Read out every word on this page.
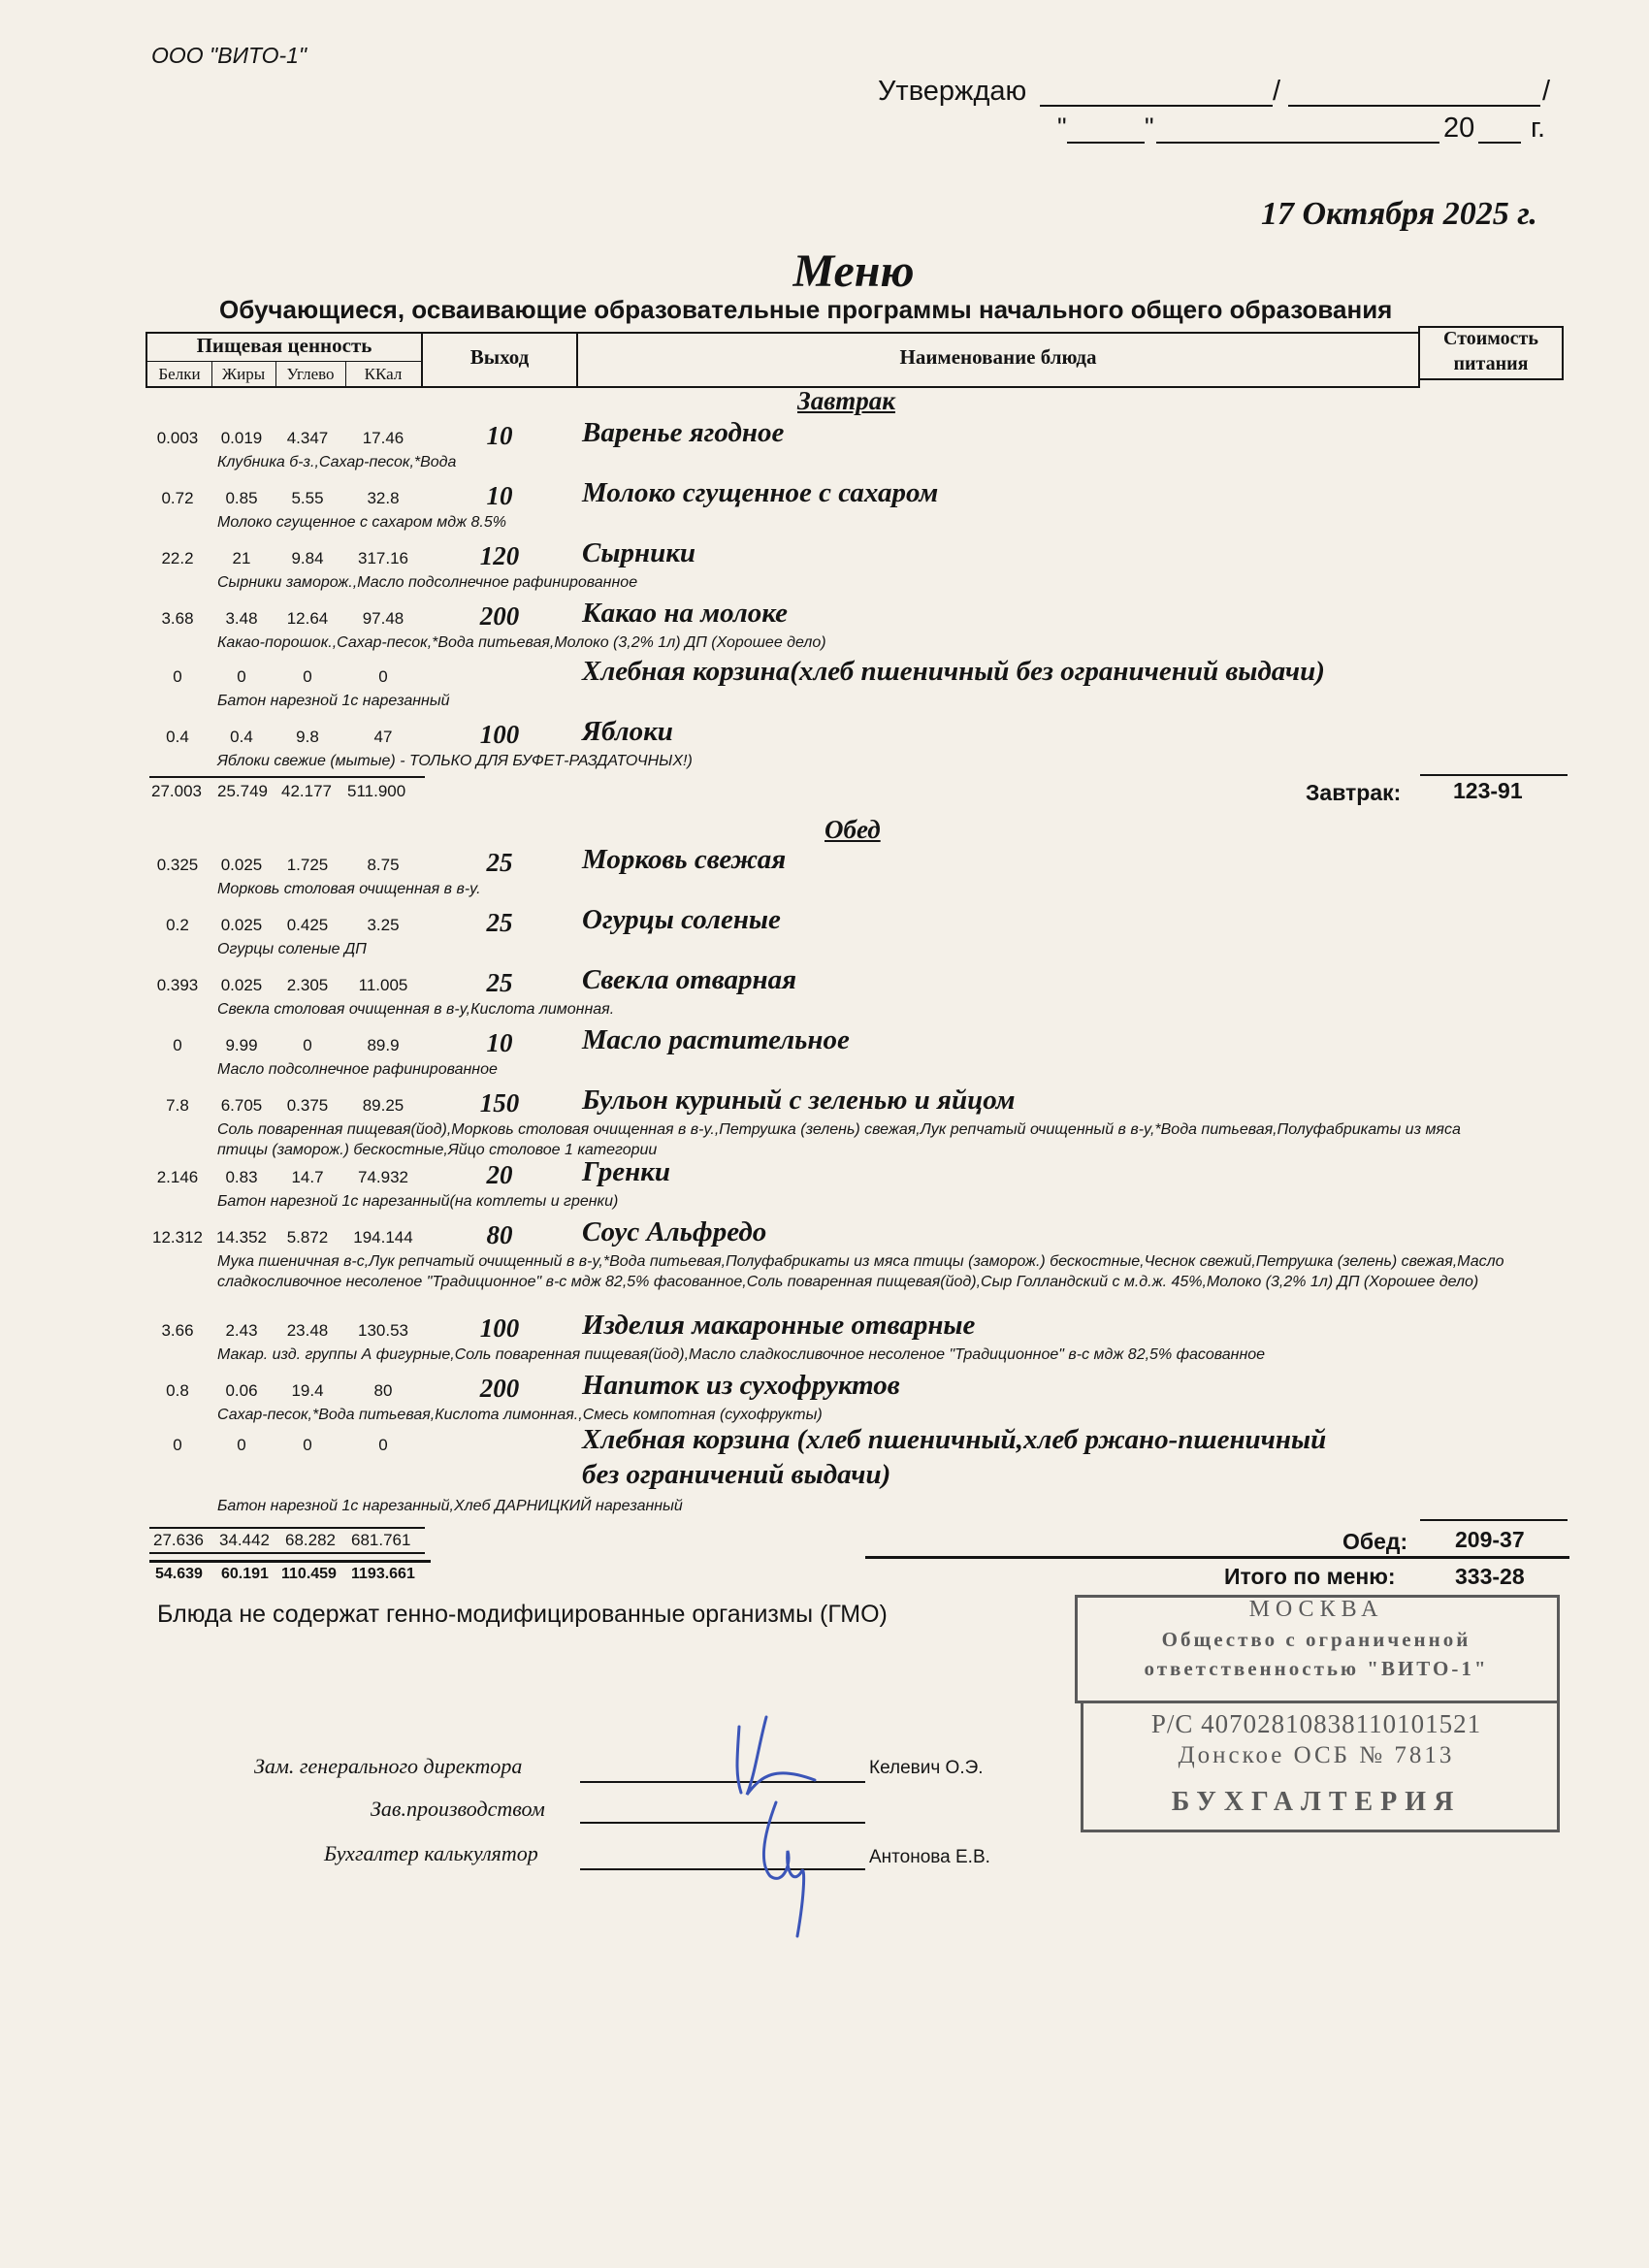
ООО "ВИТО-1"
Утверждаю	/	/
"	"	20 г.
17 Октября 2025 г.
Меню
Обучающиеся, осваивающие образовательные программы начального общего образования
Пищевая ценность
Белки	Жиры	Углево	ККал
Выход	Наименование блюда
Стоимость
питания
Завтрак
0.003	0.019	4.347	17.46	10	Варенье ягодное
Клубника б-з.,Сахар-песок,*Вода
0.72	0.85	5.55	32.8	10	Молоко сгущенное с сахаром
Молоко сгущенное с сахаром мдж 8.5%
22.2	21	9.84	317.16	120	Сырники
Сырники заморож.,Масло подсолнечное рафинированное
3.68	3.48	12.64	97.48	200	Какао на молоке
Какао-порошок.,Сахар-песок,*Вода питьевая,Молоко (3,2% 1л) ДП (Хорошее дело)
0	0	0	0	Хлебная корзина(хлеб пшеничный без ограничений выдачи)
Батон нарезной 1с нарезанный
0.4	0.4	9.8	47	100	Яблоки
Яблоки свежие (мытые) - ТОЛЬКО ДЛЯ БУФЕТ-РАЗДАТОЧНЫХ!)
27.003 25.749 42.177 511.900	Завтрак: 123-91
Обед
0.325	0.025	1.725	8.75	25	Морковь свежая
Морковь столовая очищенная в в-у.
0.2	0.025	0.425	3.25	25	Огурцы соленые
Огурцы соленые ДП
0.393	0.025	2.305	11.005	25	Свекла отварная
Свекла столовая очищенная в в-у,Кислота лимонная.
0	9.99	0	89.9	10	Масло растительное
Масло подсолнечное рафинированное
7.8	6.705	0.375	89.25	150	Бульон куриный с зеленью и яйцом
Соль поваренная пищевая(йод),Морковь столовая очищенная в в-у.,Петрушка (зелень) свежая,Лук репчатый очищенный в в-у,*Вода питьевая,Полуфабрикаты из мяса птицы (заморож.) бескостные,Яйцо столовое 1 категории
2.146	0.83	14.7	74.932	20	Гренки
Батон нарезной 1с нарезанный(на котлеты и гренки)
12.312 14.352	5.872	194.144	80	Соус Альфредо
Мука пшеничная в-с,Лук репчатый очищенный в в-у,*Вода питьевая,Полуфабрикаты из мяса птицы (заморож.) бескостные,Чеснок свежий,Петрушка (зелень) свежая,Масло сладкосливочное несоленое "Традиционное" в-с мдж 82,5% фасованное,Соль поваренная пищевая(йод),Сыр Голландский с м.д.ж. 45%,Молоко (3,2% 1л) ДП (Хорошее дело)
3.66	2.43	23.48	130.53	100	Изделия макаронные отварные
Макар. изд. группы А фигурные,Соль поваренная пищевая(йод),Масло сладкосливочное несоленое "Традиционное" в-с мдж 82,5% фасованное
0.8	0.06	19.4	80	200	Напиток из сухофруктов
Сахар-песок,*Вода питьевая,Кислота лимонная.,Смесь компотная (сухофрукты)
0	0	0	0	Хлебная корзина (хлеб пшеничный,хлеб ржано-пшеничный
без ограничений выдачи)
Батон нарезной 1с нарезанный,Хлеб ДАРНИЦКИЙ нарезанный
27.636 34.442 68.282 681.761	Обед: 209-37
54.639 60.191 110.459 1193.661	Итого по меню:	333-28
Блюда не содержат генно-модифицированные организмы (ГМО)
Зам. генерального директора	Келевич О.Э.
Зав.производством
Бухгалтер калькулятор	Антонова Е.В.
МОСКВА
Общество с ограниченной
ответственностью "ВИТО-1"
Р/С 40702810838110101521
Донское ОСБ № 7813
БУХГАЛТЕРИЯ
